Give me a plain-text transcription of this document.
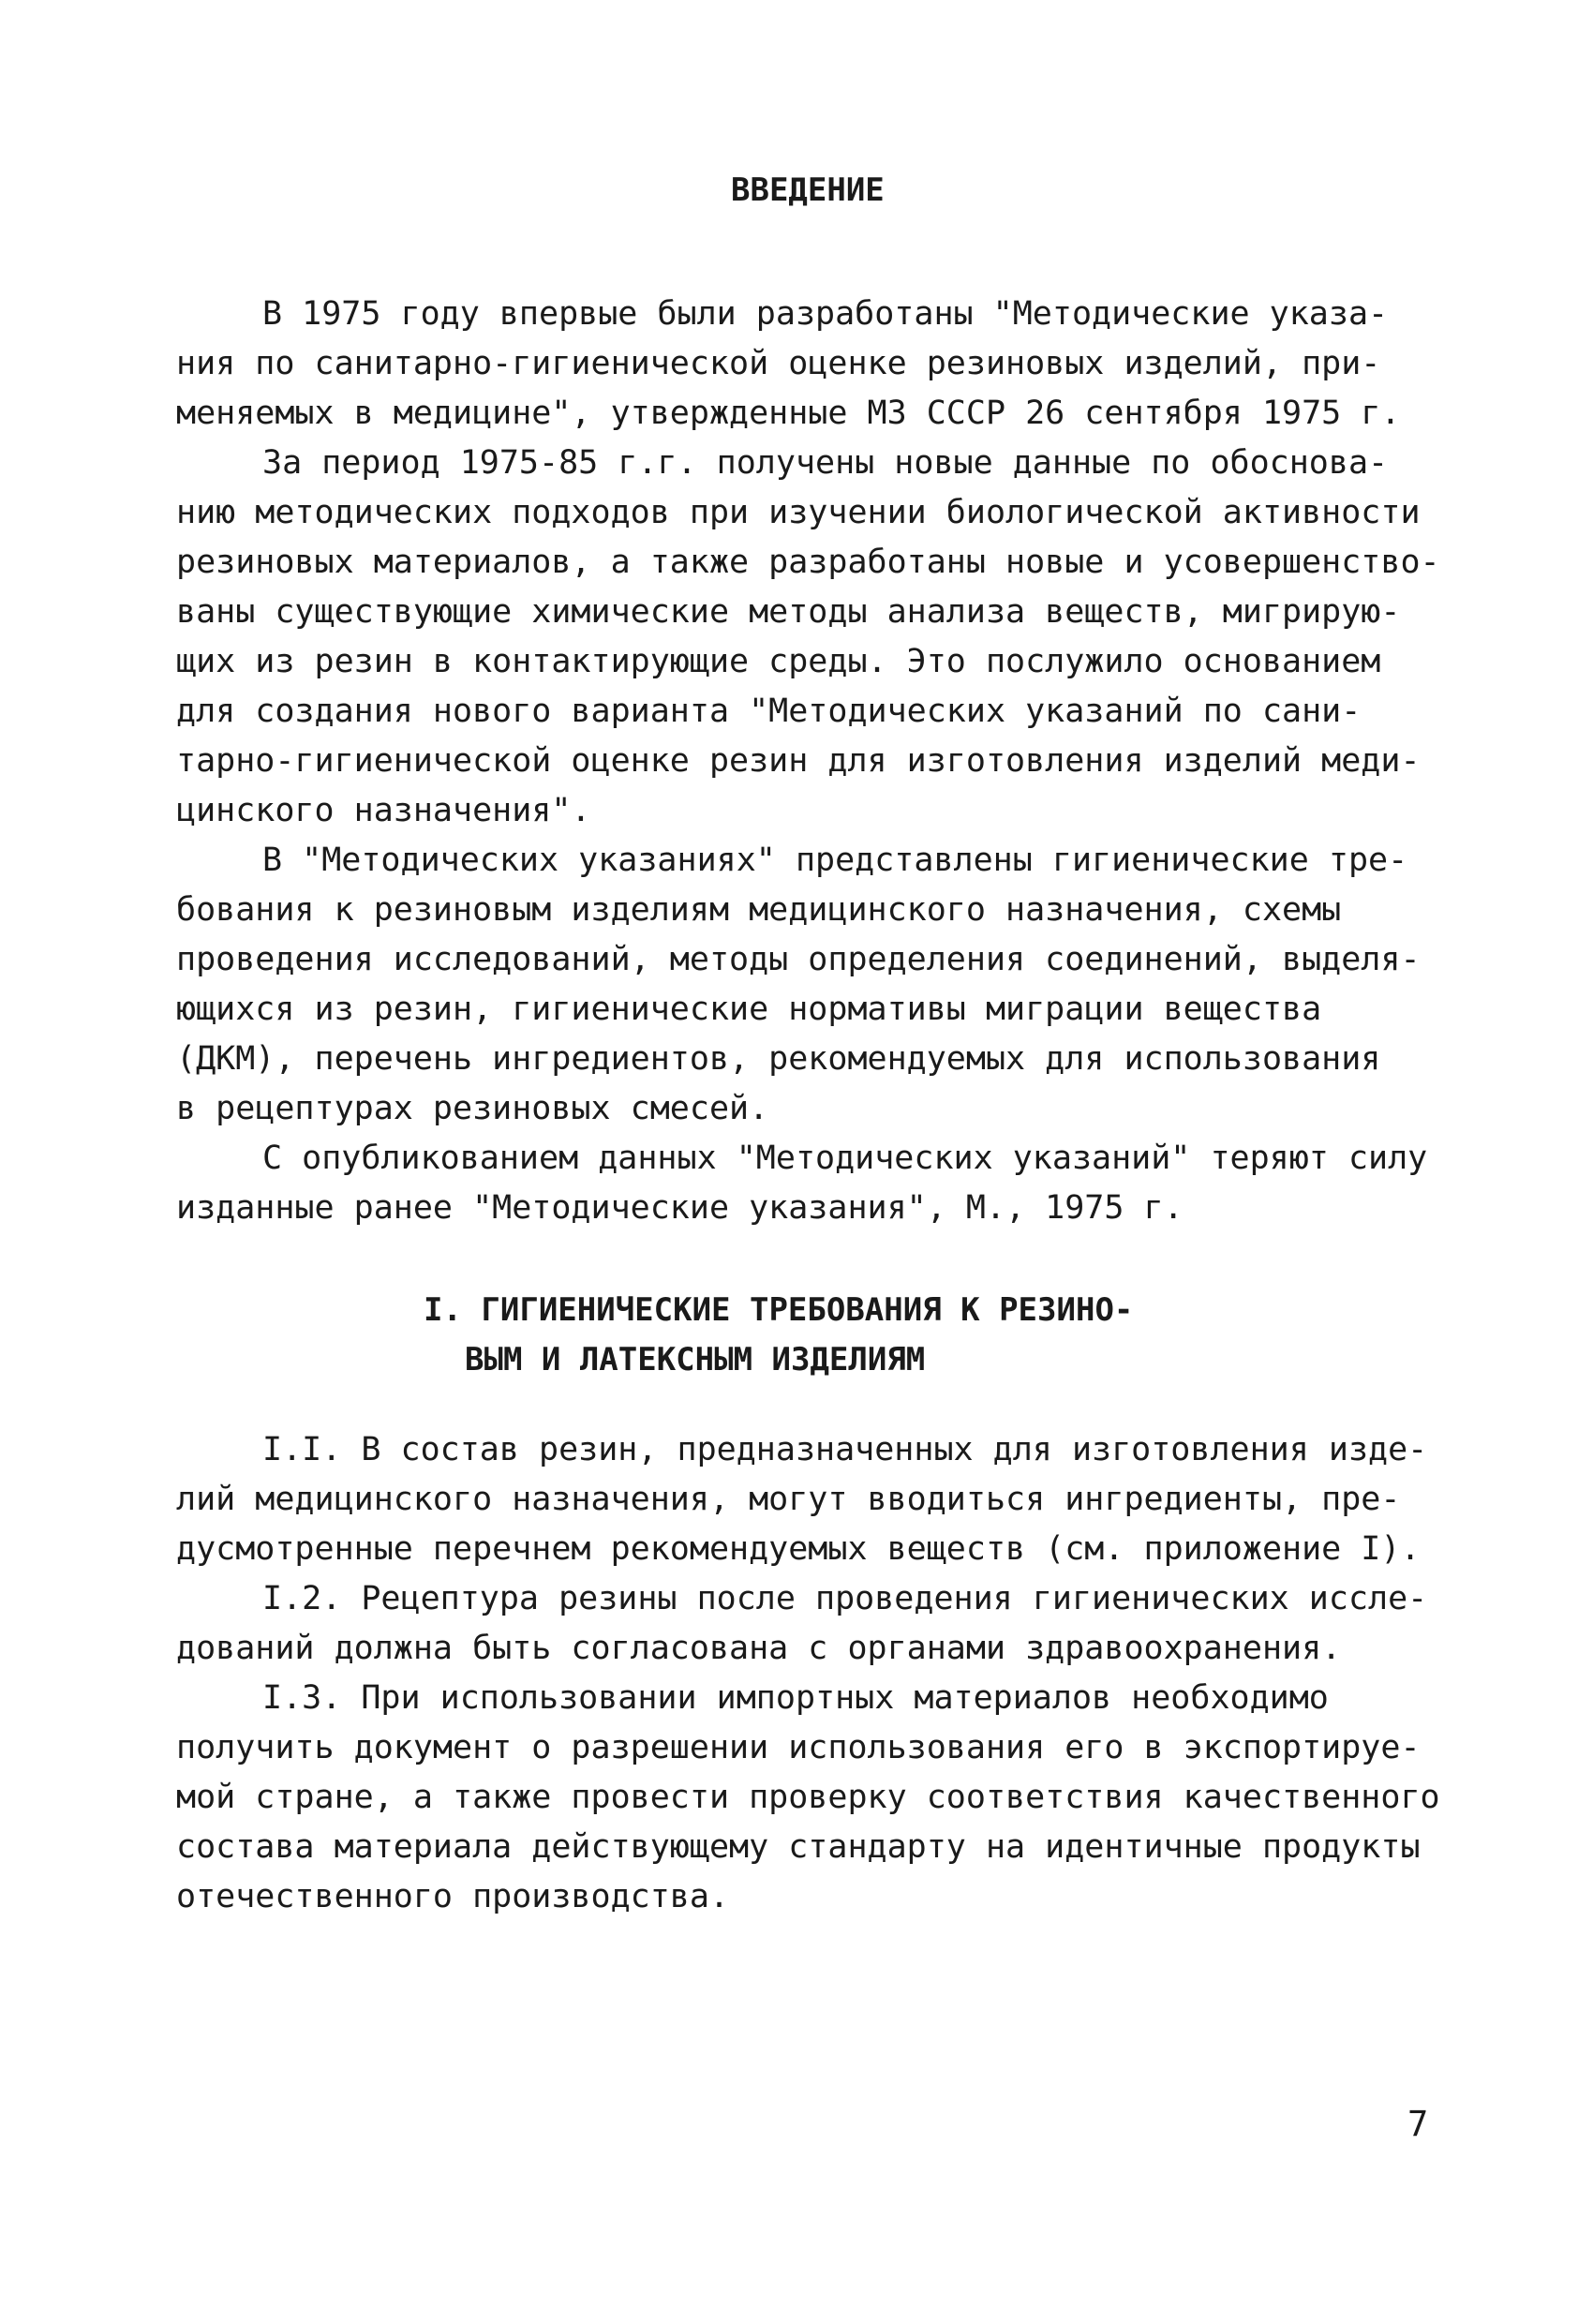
ВВЕДЕНИЕ
В 1975 году впервые были разработаны "Методические указа-
ния по санитарно-гигиенической оценке резиновых изделий, при-
меняемых в медицине", утвержденные МЗ СССР 26 сентября 1975 г.
За период 1975-85 г.г. получены новые данные по обоснова-
нию методических подходов при изучении биологической активности
резиновых материалов, а также разработаны новые и усовершенство-
ваны существующие химические методы анализа веществ, мигрирую-
щих из резин в контактирующие среды. Это послужило основанием
для создания нового варианта "Методических указаний по сани-
тарно-гигиенической оценке резин для изготовления изделий меди-
цинского назначения".
В "Методических указаниях" представлены гигиенические тре-
бования к резиновым изделиям медицинского назначения, схемы
проведения исследований, методы определения соединений, выделя-
ющихся из резин, гигиенические нормативы миграции вещества
(ДКМ), перечень ингредиентов, рекомендуемых для использования
в рецептурах резиновых смесей.
С опубликованием данных "Методических указаний" теряют силу
изданные ранее "Методические указания", М., 1975 г.
I. ГИГИЕНИЧЕСКИЕ ТРЕБОВАНИЯ К РЕЗИНО-
ВЫМ И ЛАТЕКСНЫМ ИЗДЕЛИЯМ
I.I. В состав резин, предназначенных для изготовления изде-
лий медицинского назначения, могут вводиться ингредиенты, пре-
дусмотренные перечнем рекомендуемых веществ (см. приложение I).
I.2. Рецептура резины после проведения гигиенических иссле-
дований должна быть согласована с органами здравоохранения.
I.3. При использовании импортных материалов необходимо
получить документ о разрешении использования его в экспортируе-
мой стране, а также провести проверку соответствия качественного
состава материала действующему стандарту на идентичные продукты
отечественного производства.
7
